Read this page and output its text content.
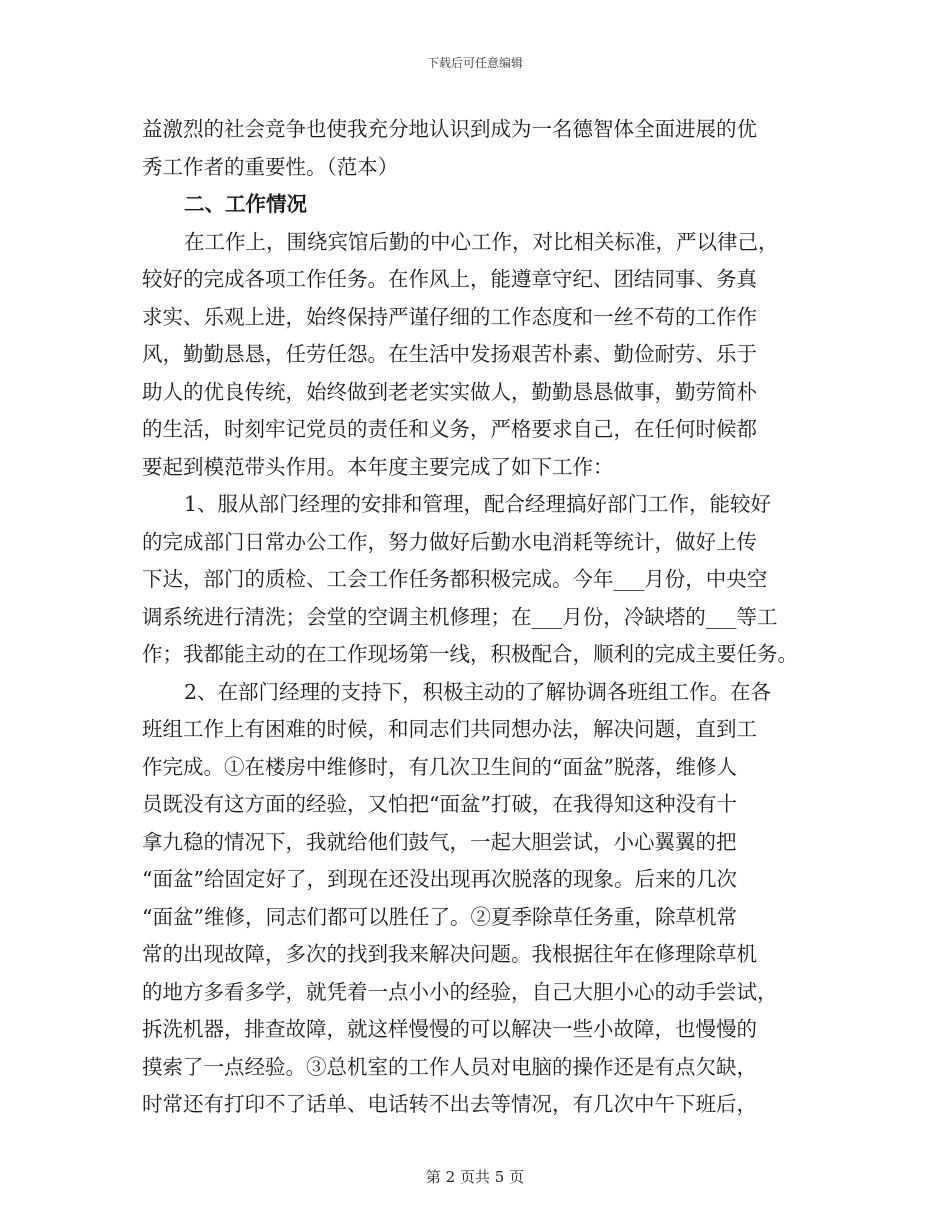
下载后可任意编辑
益激烈的社会竞争也使我充分地认识到成为一名德智体全面进展的优
秀工作者的重要性。（范本）
二、工作情况
在工作上，围绕宾馆后勤的中心工作，对比相关标准，严以律己，
较好的完成各项工作任务。在作风上，能遵章守纪、团结同事、务真
求实、乐观上进，始终保持严谨仔细的工作态度和一丝不苟的工作作
风，勤勤恳恳，任劳任怨。在生活中发扬艰苦朴素、勤俭耐劳、乐于
助人的优良传统，始终做到老老实实做人，勤勤恳恳做事，勤劳简朴
的生活，时刻牢记党员的责任和义务，严格要求自己，在任何时候都
要起到模范带头作用。本年度主要完成了如下工作：
1、服从部门经理的安排和管理，配合经理搞好部门工作，能较好
的完成部门日常办公工作，努力做好后勤水电消耗等统计，做好上传
下达，部门的质检、工会工作任务都积极完成。今年___月份，中央空
调系统进行清洗；会堂的空调主机修理；在___月份，冷缺塔的___等工
作；我都能主动的在工作现场第一线，积极配合，顺利的完成主要任务。
2、在部门经理的支持下，积极主动的了解协调各班组工作。在各
班组工作上有困难的时候，和同志们共同想办法，解决问题，直到工
作完成。①在楼房中维修时，有几次卫生间的“面盆”脱落，维修人
员既没有这方面的经验，又怕把“面盆”打破，在我得知这种没有十
拿九稳的情况下，我就给他们鼓气，一起大胆尝试，小心翼翼的把
“面盆”给固定好了，到现在还没出现再次脱落的现象。后来的几次
“面盆”维修，同志们都可以胜任了。②夏季除草任务重，除草机常
常的出现故障，多次的找到我来解决问题。我根据往年在修理除草机
的地方多看多学，就凭着一点小小的经验，自己大胆小心的动手尝试，
拆洗机器，排查故障，就这样慢慢的可以解决一些小故障，也慢慢的
摸索了一点经验。③总机室的工作人员对电脑的操作还是有点欠缺，
时常还有打印不了话单、电话转不出去等情况，有几次中午下班后，
第 2 页共 5 页
